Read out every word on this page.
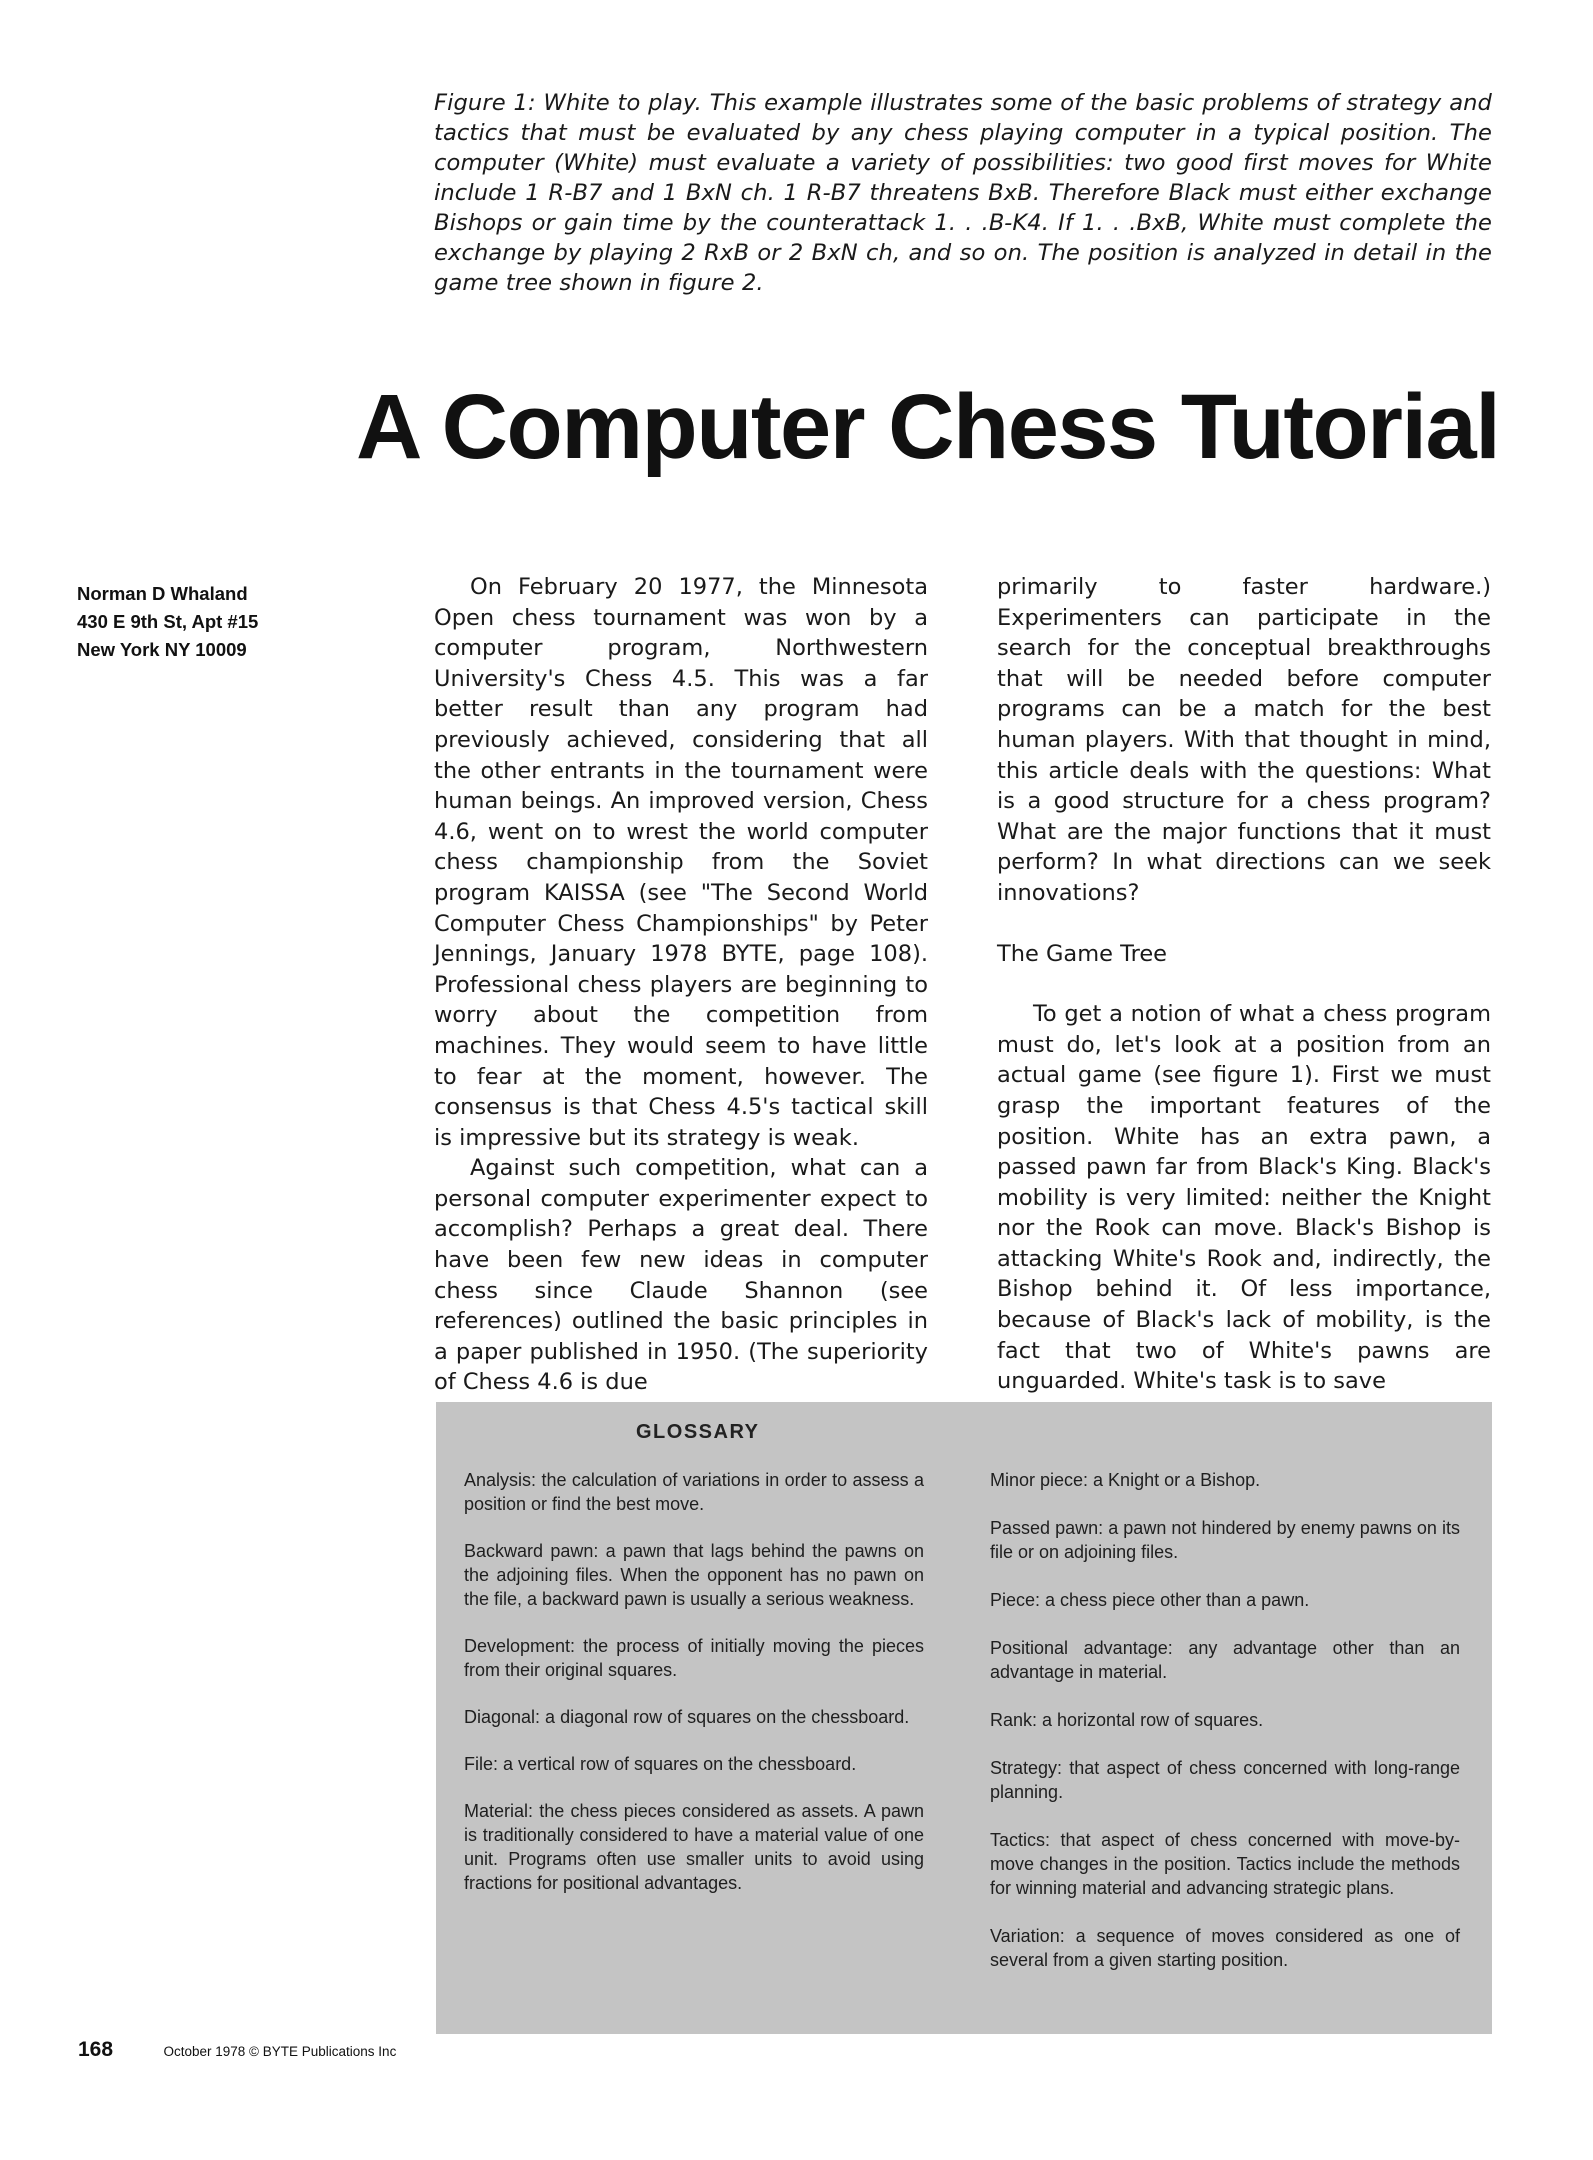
Figure 1: White to play. This example illustrates some of the basic problems of strategy and tactics that must be evaluated by any chess playing computer in a typical position. The computer (White) must evaluate a variety of possibilities: two good first moves for White include 1 R-B7 and 1 BxN ch. 1 R-B7 threatens BxB. Therefore Black must either exchange Bishops or gain time by the counterattack 1. . .B-K4. If 1. . .BxB, White must complete the exchange by playing 2 RxB or 2 BxN ch, and so on. The position is analyzed in detail in the game tree shown in figure 2.

A Computer Chess Tutorial
Norman D Whaland
430 E 9th St, Apt #15
New York NY 10009

On February 20 1977, the Minnesota Open chess tournament was won by a computer program, Northwestern University's Chess 4.5. This was a far better result than any program had previously achieved, considering that all the other entrants in the tournament were human beings. An improved version, Chess 4.6, went on to wrest the world computer chess championship from the Soviet program KAISSA (see "The Second World Computer Chess Championships" by Peter Jennings, January 1978 BYTE, page 108). Professional chess players are beginning to worry about the competition from machines. They would seem to have little to fear at the moment, however. The consensus is that Chess 4.5's tactical skill is impressive but its strategy is weak.

Against such competition, what can a personal computer experimenter expect to accomplish? Perhaps a great deal. There have been few new ideas in computer chess since Claude Shannon (see references) outlined the basic principles in a paper published in 1950. (The superiority of Chess 4.6 is due

primarily to faster hardware.) Experimenters can participate in the search for the conceptual breakthroughs that will be needed before computer programs can be a match for the best human players. With that thought in mind, this article deals with the questions: What is a good structure for a chess program? What are the major functions that it must perform? In what directions can we seek innovations?

The Game Tree

To get a notion of what a chess program must do, let's look at a position from an actual game (see figure 1). First we must grasp the important features of the position. White has an extra pawn, a passed pawn far from Black's King. Black's mobility is very limited: neither the Knight nor the Rook can move. Black's Bishop is attacking White's Rook and, indirectly, the Bishop behind it. Of less importance, because of Black's lack of mobility, is the fact that two of White's pawns are unguarded. White's task is to save

GLOSSARY

Analysis: the calculation of variations in order to assess a position or find the best move.

Backward pawn: a pawn that lags behind the pawns on the adjoining files. When the opponent has no pawn on the file, a backward pawn is usually a serious weakness.

Development: the process of initially moving the pieces from their original squares.

Diagonal: a diagonal row of squares on the chessboard.

File: a vertical row of squares on the chessboard.

Material: the chess pieces considered as assets. A pawn is traditionally considered to have a material value of one unit. Programs often use smaller units to avoid using fractions for positional advantages.

Minor piece: a Knight or a Bishop.

Passed pawn: a pawn not hindered by enemy pawns on its file or on adjoining files.

Piece: a chess piece other than a pawn.

Positional advantage: any advantage other than an advantage in material.

Rank: a horizontal row of squares.

Strategy: that aspect of chess concerned with long-range planning.

Tactics: that aspect of chess concerned with move-by-move changes in the position. Tactics include the methods for winning material and advancing strategic plans.

Variation: a sequence of moves considered as one of several from a given starting position.

168	October 1978 © BYTE Publications Inc
